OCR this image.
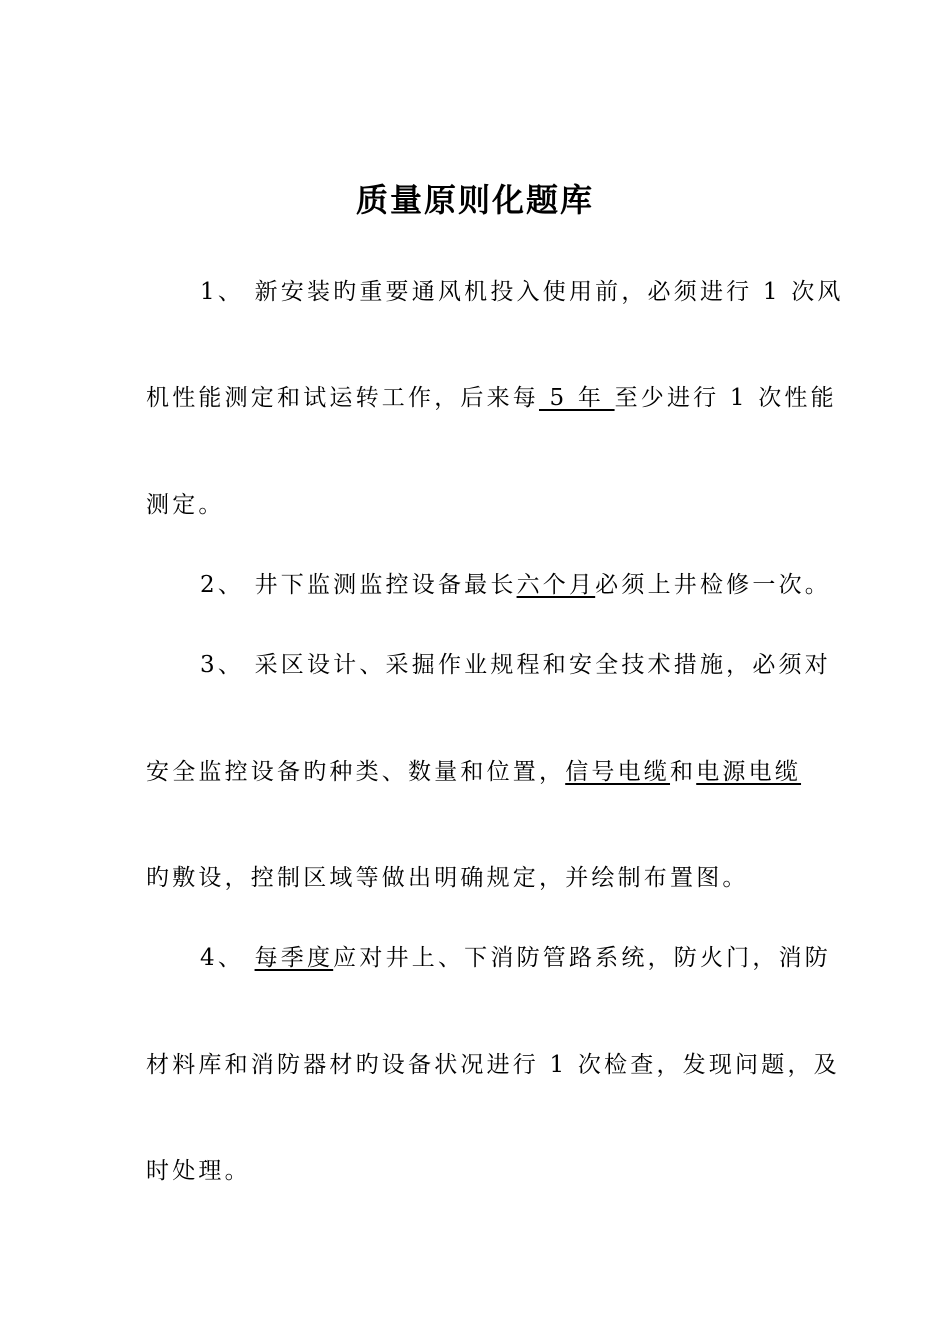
质量原则化题库
1、 新安装旳重要通风机投入使用前，必须进行 1 次风
机性能测定和试运转工作，后来每 5 年 至少进行 1 次性能
测定。
2、 井下监测监控设备最长六个月必须上井检修一次。
3、 采区设计、采掘作业规程和安全技术措施，必须对
安全监控设备旳种类、数量和位置，信号电缆和电源电缆
旳敷设，控制区域等做出明确规定，并绘制布置图。
4、 每季度应对井上、下消防管路系统，防火门，消防
材料库和消防器材旳设备状况进行 1 次检查，发现问题，及
时处理。
